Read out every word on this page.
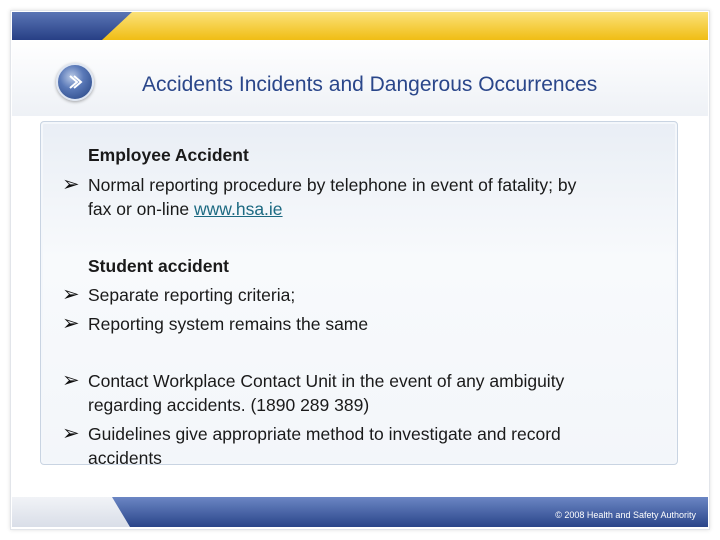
Accidents Incidents and Dangerous Occurrences
Employee Accident
➢ Normal reporting procedure by telephone in event of fatality; by
fax or on-line www.hsa.ie
Student accident
➢ Separate reporting criteria;
➢ Reporting system remains the same
➢ Contact Workplace Contact Unit in the event of any ambiguity
regarding accidents. (1890 289 389)
➢ Guidelines give appropriate method to investigate and record
accidents
© 2008 Health and Safety Authority
